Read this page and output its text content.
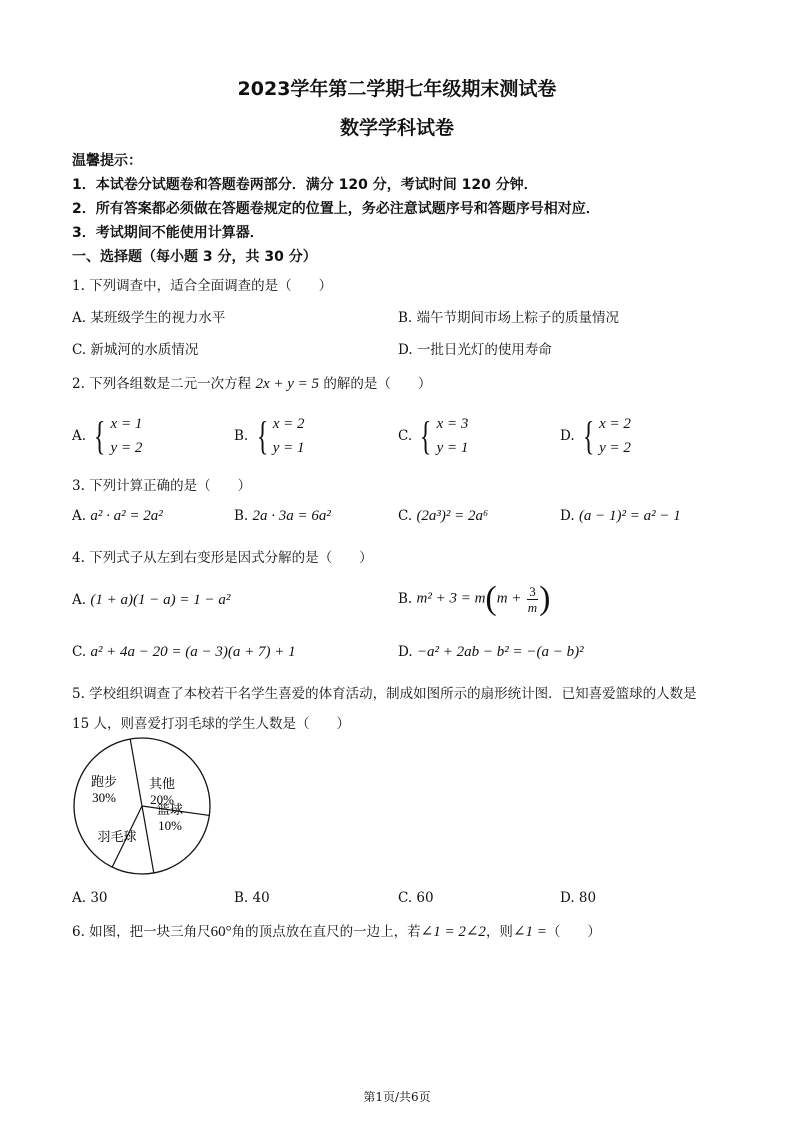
2023学年第二学期七年级期末测试卷
数学学科试卷
温馨提示：
1．本试卷分试题卷和答题卷两部分．满分 120 分，考试时间 120 分钟．
2．所有答案都必须做在答题卷规定的位置上，务必注意试题序号和答题序号相对应．
3．考试期间不能使用计算器．
一、选择题（每小题 3 分，共 30 分）
1. 下列调查中，适合全面调查的是（　　）
A. 某班级学生的视力水平	B. 端午节期间市场上粽子的质量情况
C. 新城河的水质情况	D. 一批日光灯的使用寿命
2. 下列各组数是二元一次方程 2x + y = 5 的解的是（　　）
A. { x = 1
y = 2
B. { x = 2
y = 1
C. { x = 3
y = 1
D. { x = 2
y = 2
3. 下列计算正确的是（　　）
A. a² · a² = 2a²	B. 2a · 3a = 6a²	C. (2a³)² = 2a⁶	D. (a − 1)² = a² − 1
4. 下列式子从左到右变形是因式分解的是（　　）
A. (1 + a)(1 − a) = 1 − a²	B. $m^2 + 3 = m(m + \frac{3}{m}$ )
C. a² + 4a − 20 = (a − 3)(a + 7) + 1	D. −a² + 2ab − b² = −(a − b)²
5. 学校组织调查了本校若干名学生喜爱的体育活动，制成如图所示的扇形统计图．已知喜爱篮球的人数是
15 人，则喜爱打羽毛球的学生人数是（　　）
跑步
30%
其他
20%
篮球
10%
羽毛球
A. 30	B. 40	C. 60	D. 80
6. 如图，把一块三角尺60°角的顶点放在直尺的一边上，若∠1 = 2∠2，则∠1 =（　　）
第1页/共6页
